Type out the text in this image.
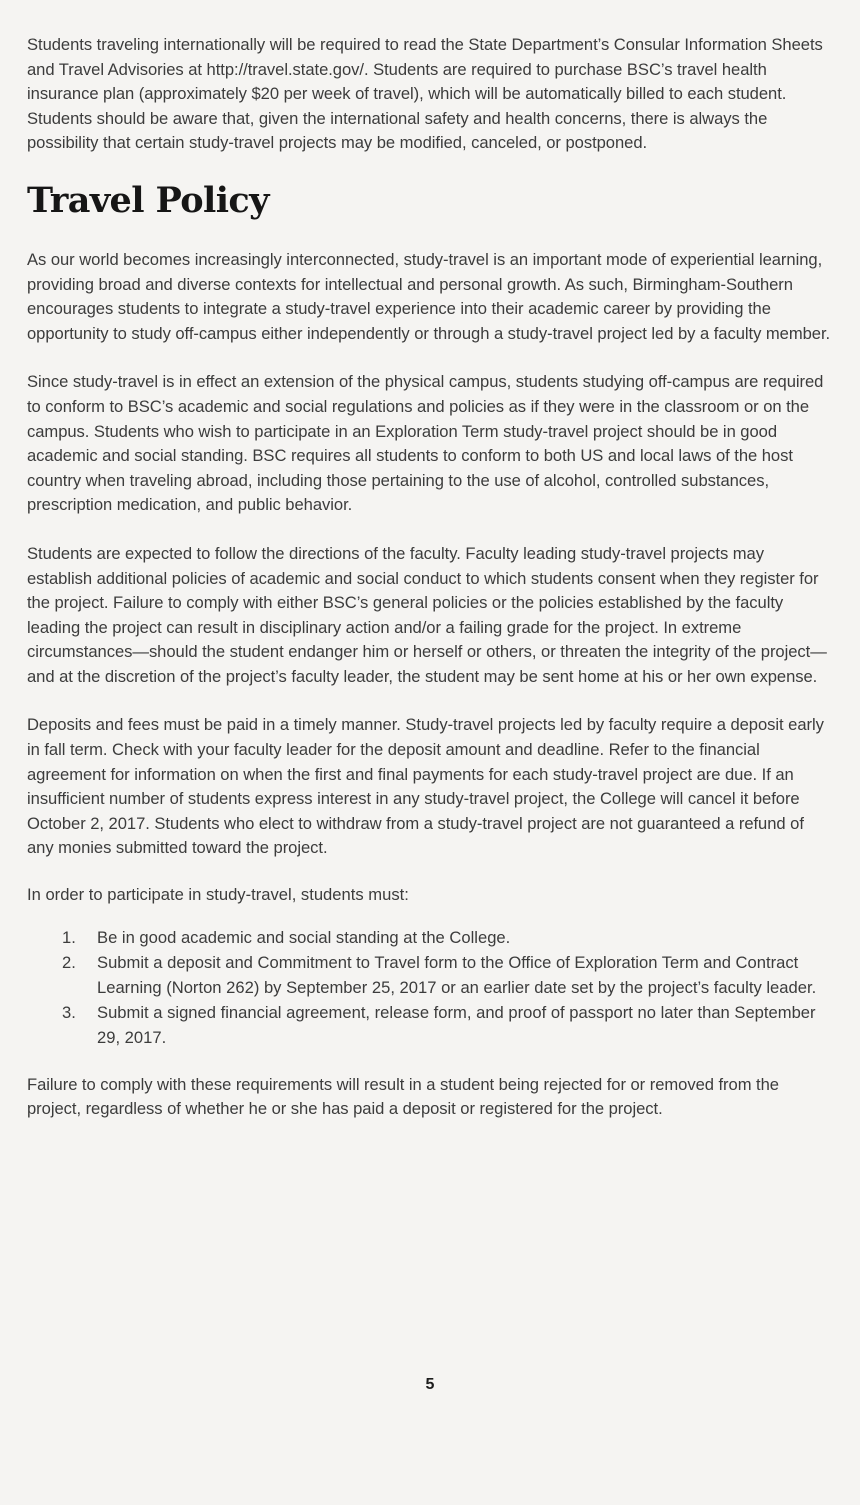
Students traveling internationally will be required to read the State Department’s Consular Information Sheets and Travel Advisories at http://travel.state.gov/. Students are required to purchase BSC’s travel health insurance plan (approximately $20 per week of travel), which will be automatically billed to each student. Students should be aware that, given the international safety and health concerns, there is always the possibility that certain study-travel projects may be modified, canceled, or postponed.

Travel Policy

As our world becomes increasingly interconnected, study-travel is an important mode of experiential learning, providing broad and diverse contexts for intellectual and personal growth. As such, Birmingham-Southern encourages students to integrate a study-travel experience into their academic career by providing the opportunity to study off-campus either independently or through a study-travel project led by a faculty member.

Since study-travel is in effect an extension of the physical campus, students studying off-campus are required to conform to BSC’s academic and social regulations and policies as if they were in the classroom or on the campus. Students who wish to participate in an Exploration Term study-travel project should be in good academic and social standing. BSC requires all students to conform to both US and local laws of the host country when traveling abroad, including those pertaining to the use of alcohol, controlled substances, prescription medication, and public behavior.

Students are expected to follow the directions of the faculty. Faculty leading study-travel projects may establish additional policies of academic and social conduct to which students consent when they register for the project. Failure to comply with either BSC’s general policies or the policies established by the faculty leading the project can result in disciplinary action and/or a failing grade for the project. In extreme circumstances—should the student endanger him or herself or others, or threaten the integrity of the project—and at the discretion of the project’s faculty leader, the student may be sent home at his or her own expense.

Deposits and fees must be paid in a timely manner. Study-travel projects led by faculty require a deposit early in fall term. Check with your faculty leader for the deposit amount and deadline. Refer to the financial agreement for information on when the first and final payments for each study-travel project are due. If an insufficient number of students express interest in any study-travel project, the College will cancel it before October 2, 2017. Students who elect to withdraw from a study-travel project are not guaranteed a refund of any monies submitted toward the project.

In order to participate in study-travel, students must:

Be in good academic and social standing at the College.
Submit a deposit and Commitment to Travel form to the Office of Exploration Term and Contract Learning (Norton 262) by September 25, 2017 or an earlier date set by the project’s faculty leader.
Submit a signed financial agreement, release form, and proof of passport no later than September 29, 2017.

Failure to comply with these requirements will result in a student being rejected for or removed from the project, regardless of whether he or she has paid a deposit or registered for the project.

5
